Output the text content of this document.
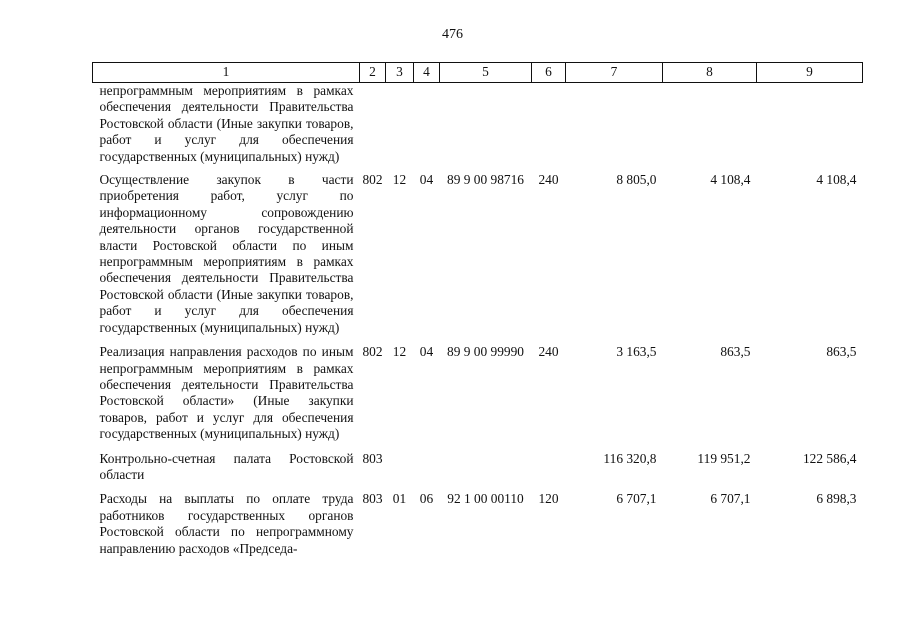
476
1	2	3	4	5	6	7	8	9
непрограммным мероприятиям в рамках обеспечения деятельности Правительства Ростовской области (Иные закупки товаров, работ и услуг для обеспечения государственных (муниципальных) нужд)								
Осуществление закупок в части приобретения работ, услуг по информационному сопровождению деятельности органов государственной власти Ростовской области по иным непрограммным мероприятиям в рамках обеспечения деятельности Правительства Ростовской области (Иные закупки товаров, работ и услуг для обеспечения государственных (муниципальных) нужд)	802	12	04	89 9 00 98716	240	8 805,0	4 108,4	4 108,4
Реализация направления расходов по иным непрограммным мероприятиям в рамках обеспечения деятельности Правительства Ростовской области» (Иные закупки товаров, работ и услуг для обеспечения государственных (муниципальных) нужд)	802	12	04	89 9 00 99990	240	3 163,5	863,5	863,5
Контрольно-счетная палата Ростовской области	803					116 320,8	119 951,2	122 586,4
Расходы на выплаты по оплате труда работников государственных органов Ростовской области по непрограммному направлению расходов «Председа-	803	01	06	92 1 00 00110	120	6 707,1	6 707,1	6 898,3
